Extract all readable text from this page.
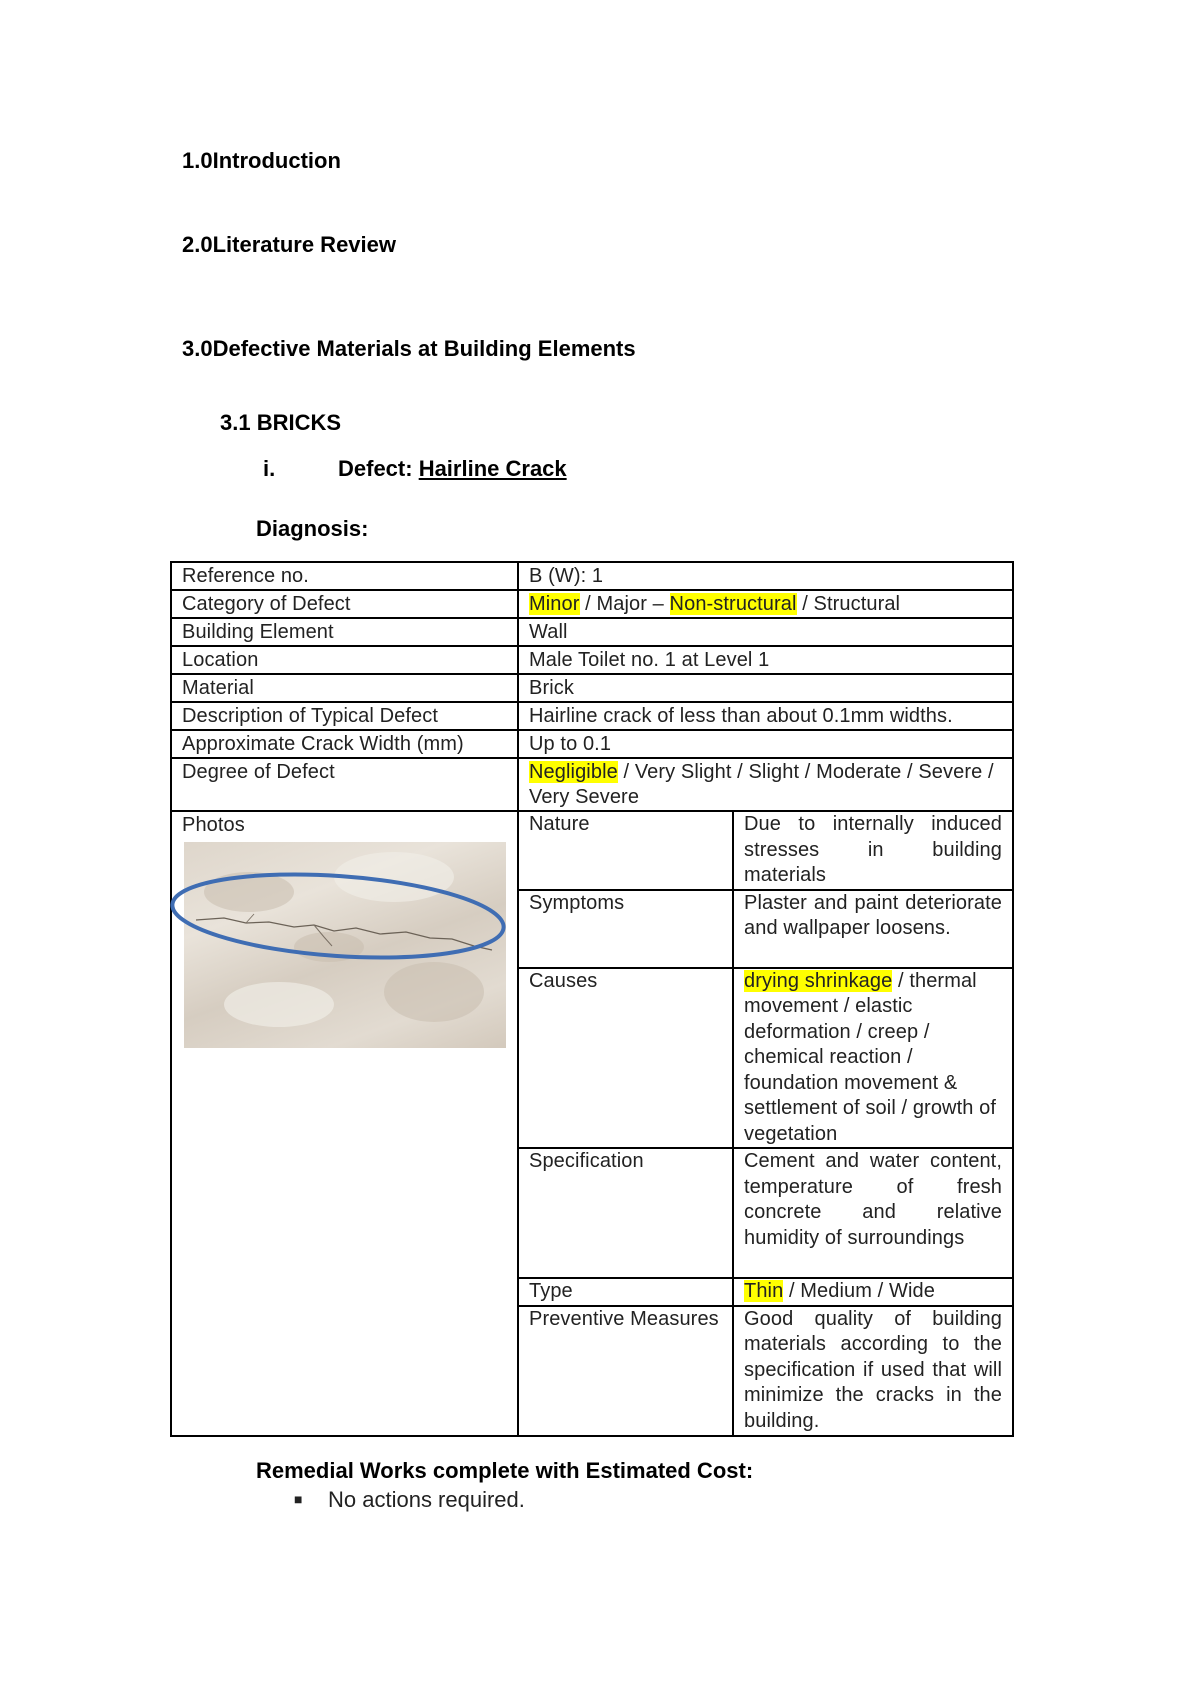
1.0Introduction
2.0Literature Review
3.0Defective Materials at Building Elements
3.1 BRICKS
i.	Defect: Hairline Crack
Diagnosis:
Reference no.	B (W): 1
Category of Defect	Minor / Major – Non-structural / Structural
Building Element	Wall
Location	Male Toilet no. 1 at Level 1
Material	Brick
Description of Typical Defect	Hairline crack of less than about 0.1mm widths.
Approximate Crack Width (mm)	Up to 0.1
Degree of Defect	Negligible / Very Slight / Slight / Moderate / Severe / Very Severe

Photos
		Nature	Due to internally induced stresses in building materials
Symptoms	Plaster and paint deteriorate and wallpaper loosens.
Causes	drying shrinkage / thermal movement / elastic deformation / creep / chemical reaction / foundation movement & settlement of soil / growth of vegetation
Specification	Cement and water content, temperature of fresh concrete and relative humidity of surroundings
Type	Thin / Medium / Wide
Preventive Measures	Good quality of building materials according to the specification if used that will minimize the cracks in the building.
Remedial Works complete with Estimated Cost:
■ No actions required.
